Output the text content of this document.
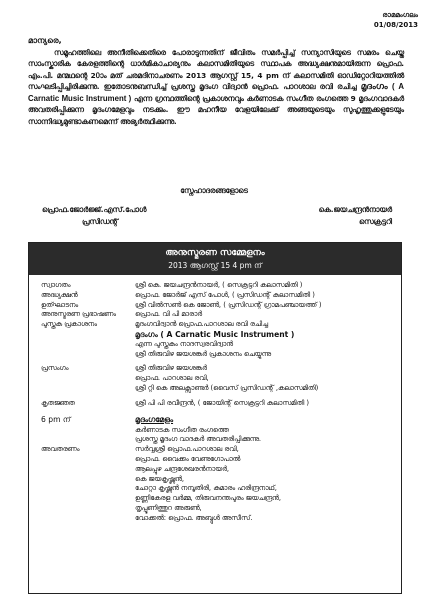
രാമമംഗലം
01/08/2013
മാന്യരെ,

സമൂഹത്തിലെ അനീതിക്കെതിരെ പോരാടുന്നതിന് ജീവിതം സമർപ്പിച്ച് സന്യാസിയുടെ സമരം ചെയ്ത സാംസ്കാരിക കേരളത്തിന്റെ ധാർമികാചാര്യനും കലാസമിതിയുടെ സ്ഥാപക അദ്ധ്യക്ഷനുമായിരുന്ന പ്രൊഫ. എം.പി. മന്മഥന്റെ 20ാം മത് ചരമദിനാചരണം 2013 ആഗസ്റ്റ് 15, 4 pm ന് കലാസമിതി ഓഡിറ്റോറിയത്തിൽ സംഘടിപ്പിച്ചിരിക്കുന്നു. ഇതോടനുബന്ധിച്ച് പ്രശസ്ത മൃദംഗ വിദ്വാൻ പ്രൊഫ. പാറശാല രവി രചിച്ച മൃദംഗം ( A Carnatic Music Instrument ) എന്ന ഗ്രന്ഥത്തിന്റെ പ്രകാശനവും കർണാടക സംഗീത രംഗത്തെ 9 മൃദംഗവാദകർ അവതരിപ്പിക്കുന്ന മൃദംഗമേളവും നടക്കും. ഈ മഹനീയ വേളയിലേക്ക് അങ്ങയുടെയും സുഹൃത്തുക്കളുടേയും സാന്നിദ്ധ്യമുണ്ടാകണമെന്ന് അഭ്യർത്ഥിക്കുന്നു.

സ്നേഹാദരങ്ങളോടെ
പ്രൊഫ.ജോർജ്ജ്.എസ്.പോൾ
പ്രസിഡന്റ്
കെ.ജയചന്ദ്രൻനായർ
സെക്രട്ടറി
അനുസ്മരണ സമ്മേളനം
2013 ആഗസ്റ്റ് 15 4 pm ന്
സ്വാഗതം	ശ്രീ കെ. ജയചന്ദ്രൻനായർ, ( സെക്രട്ടറി കലാസമിതി )
അദ്ധ്യക്ഷൻ	പ്രൊഫ. ജോർജ് എസ് പോൾ, ( പ്രസിഡന്റ് കലാസമിതി )
ഉത്ഘാടനം	ശ്രീ വിൽസൺ കെ ജോൺ, ( പ്രസിഡന്റ് ഗ്രാമപഞ്ചായത്ത് )
അനുസ്മരണ പ്രഭാഷണം	പ്രൊഫ. വി പി മാരാർ
പുസ്തക പ്രകാശനം	മൃദംഗവിദ്വാൻ പ്രൊഫ.പാറശാല രവി രചിച്ച
മൃദംഗം ( A Carnatic Music Instrument )
എന്ന പുസ്തകം നാദസ്വരവിദ്വാൻ
ശ്രീ തിരുവിഴ ജയശങ്കർ പ്രകാശനം ചെയ്യുന്നു
പ്രസംഗം	ശ്രീ തിരുവിഴ ജയശങ്കർ
പ്രൊഫ. പാറശാല രവി,
ശ്രീ റ്റി കെ അലക്സാണ്ടർ (വൈസ് പ്രസിഡന്റ് ,കലാസമിതി)
കൃതജ്ഞത	ശ്രീ പി പി രവീന്ദ്രൻ, ( ജോയിന്റ് സെക്രട്ടറി കലാസമിതി )
6 pm ന്	മൃദംഗമേളം
കർണാടക സംഗീത രംഗത്തെ
പ്രശസ്ത മൃദംഗ വാദകർ അവതരിപ്പിക്കുന്നു.
അവതരണം	സർവ്വശ്രീ പ്രൊഫ.പാറശാല രവി,
പ്രൊഫ. വൈക്കം വേണുഗോപാൽ
ആലപ്പുഴ ചന്ദ്രശേഖരൻനായർ,
കെ ജയകൃഷ്ണൻ,
ചോറ്റാ കൃഷ്ണൻ നമ്പൂതിരി, കുമാരം ഹരിന്ദ്രനാഥ്,
ഉണ്ണികേരള വർമ്മ, തിരുവനന്തപുരം ജയചന്ദ്രൻ,
തൃപ്പൂണിത്തുറ അരുൺ,
വോക്കൽ: പ്രൊഫ. അബ്ദുൾ അസീസ്.
